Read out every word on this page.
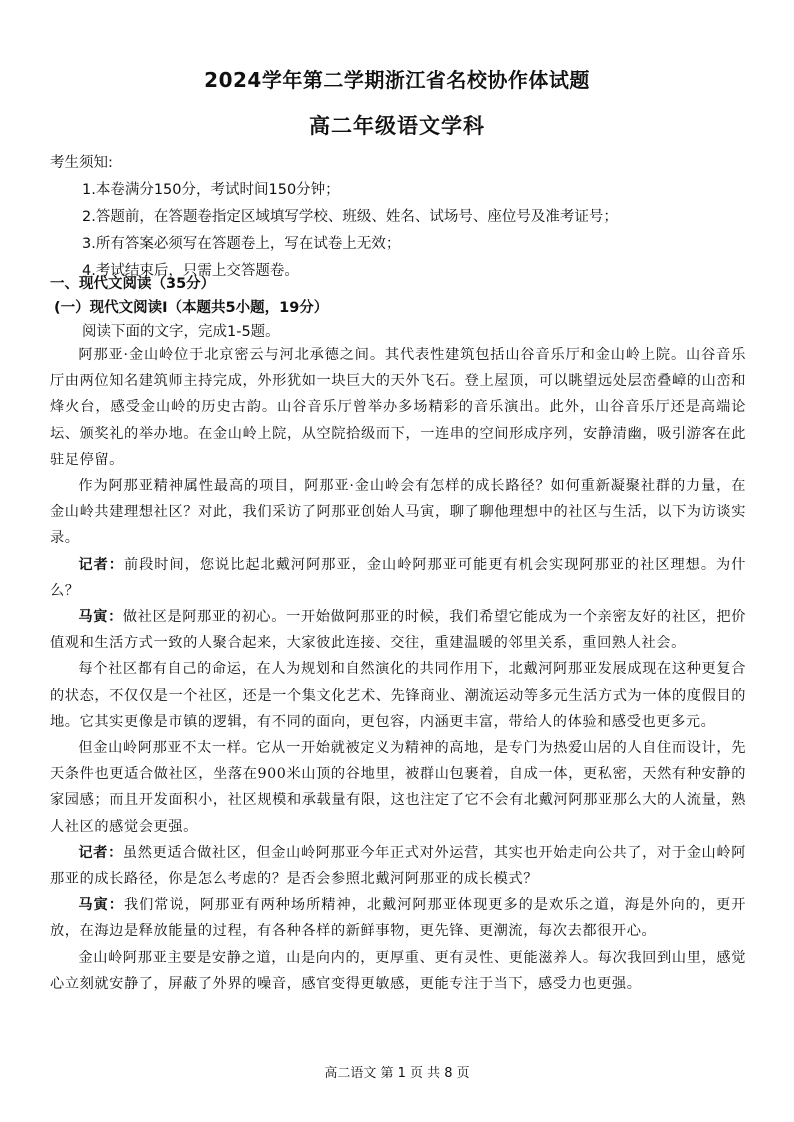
2024学年第二学期浙江省名校协作体试题
高二年级语文学科
考生须知:
1.本卷满分150分，考试时间150分钟；
2.答题前，在答题卷指定区域填写学校、班级、姓名、试场号、座位号及准考证号；
3.所有答案必须写在答题卷上，写在试卷上无效；
4.考试结束后，只需上交答题卷。
一、现代文阅读（35分）
(一）现代文阅读Ⅰ（本题共5小题，19分）
阅读下面的文字，完成1-5题。

阿那亚·金山岭位于北京密云与河北承德之间。其代表性建筑包括山谷音乐厅和金山岭上院。山谷音乐厅由两位知名建筑师主持完成，外形犹如一块巨大的天外飞石。登上屋顶，可以眺望远处层峦叠嶂的山峦和烽火台，感受金山岭的历史古韵。山谷音乐厅曾举办多场精彩的音乐演出。此外，山谷音乐厅还是高端论坛、颁奖礼的举办地。在金山岭上院，从空院拾级而下，一连串的空间形成序列，安静清幽，吸引游客在此驻足停留。

作为阿那亚精神属性最高的项目，阿那亚·金山岭会有怎样的成长路径？如何重新凝聚社群的力量，在金山岭共建理想社区？对此，我们采访了阿那亚创始人马寅，聊了聊他理想中的社区与生活，以下为访谈实录。

记者：前段时间，您说比起北戴河阿那亚，金山岭阿那亚可能更有机会实现阿那亚的社区理想。为什么？

马寅：做社区是阿那亚的初心。一开始做阿那亚的时候，我们希望它能成为一个亲密友好的社区，把价值观和生活方式一致的人聚合起来，大家彼此连接、交往，重建温暖的邻里关系，重回熟人社会。

每个社区都有自己的命运，在人为规划和自然演化的共同作用下，北戴河阿那亚发展成现在这种更复合的状态，不仅仅是一个社区，还是一个集文化艺术、先锋商业、潮流运动等多元生活方式为一体的度假目的地。它其实更像是市镇的逻辑，有不同的面向，更包容，内涵更丰富，带给人的体验和感受也更多元。

但金山岭阿那亚不太一样。它从一开始就被定义为精神的高地，是专门为热爱山居的人自住而设计，先天条件也更适合做社区，坐落在900米山顶的谷地里，被群山包裹着，自成一体，更私密，天然有种安静的家园感；而且开发面积小，社区规模和承载量有限，这也注定了它不会有北戴河阿那亚那么大的人流量，熟人社区的感觉会更强。

记者：虽然更适合做社区，但金山岭阿那亚今年正式对外运营，其实也开始走向公共了，对于金山岭阿那亚的成长路径，你是怎么考虑的？是否会参照北戴河阿那亚的成长模式？

马寅：我们常说，阿那亚有两种场所精神，北戴河阿那亚体现更多的是欢乐之道，海是外向的，更开放，在海边是释放能量的过程，有各种各样的新鲜事物，更先锋、更潮流，每次去都很开心。

金山岭阿那亚主要是安静之道，山是向内的，更厚重、更有灵性、更能滋养人。每次我回到山里，感觉心立刻就安静了，屏蔽了外界的噪音，感官变得更敏感，更能专注于当下，感受力也更强。

高二语文 第 1 页 共 8 页
